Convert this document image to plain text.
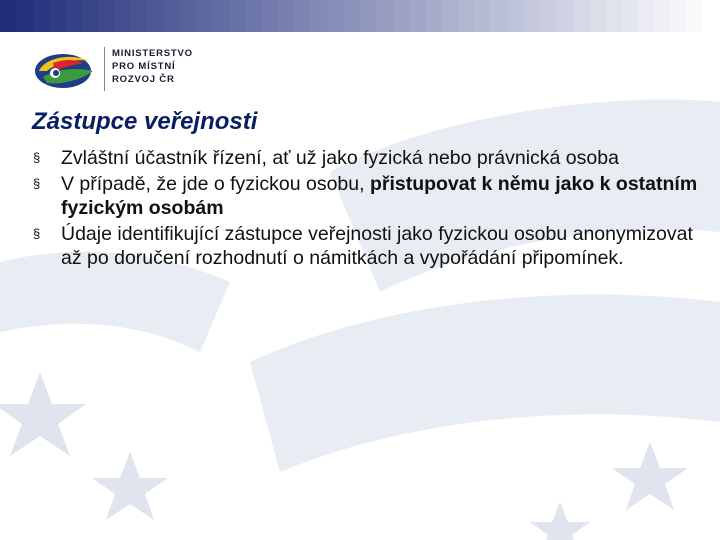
MINISTERSTVO
PRO MÍSTNÍ
ROZVOJ ČR
Zástupce veřejnosti
§	Zvláštní účastník řízení, ať už jako fyzická nebo právnická osoba
§	V případě, že jde o fyzickou osobu, přistupovat k němu jako k ostatním fyzickým osobám
§	Údaje identifikující zástupce veřejnosti jako fyzickou osobu anonymizovat až po doručení rozhodnutí o námitkách a vypořádání připomínek.
